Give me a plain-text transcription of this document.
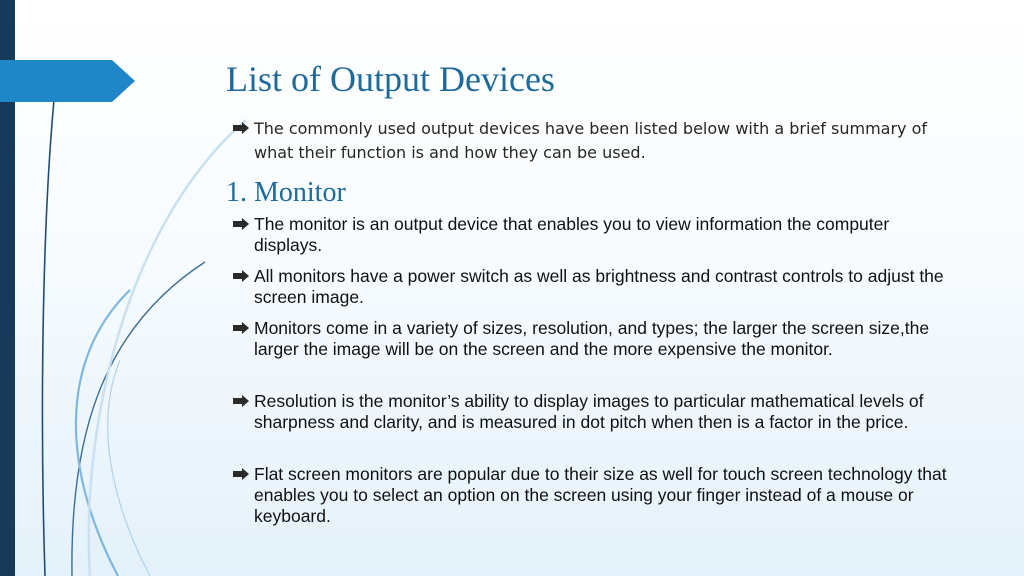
List of Output Devices
The commonly used output devices have been listed below with a brief summary of what their function is and how they can be used.
1. Monitor
The monitor is an output device that enables you to view information the computer displays.
All monitors have a power switch as well as brightness and contrast controls to adjust the screen image.
Monitors come in a variety of sizes, resolution, and types; the larger the screen size,the larger the image will be on the screen and the more expensive the monitor.
Resolution is the monitor’s ability to display images to particular mathematical levels of sharpness and clarity, and is measured in dot pitch when then is a factor in the price.
Flat screen monitors are popular due to their size as well for touch screen technology that enables you to select an option on the screen using your finger instead of a mouse or keyboard.
